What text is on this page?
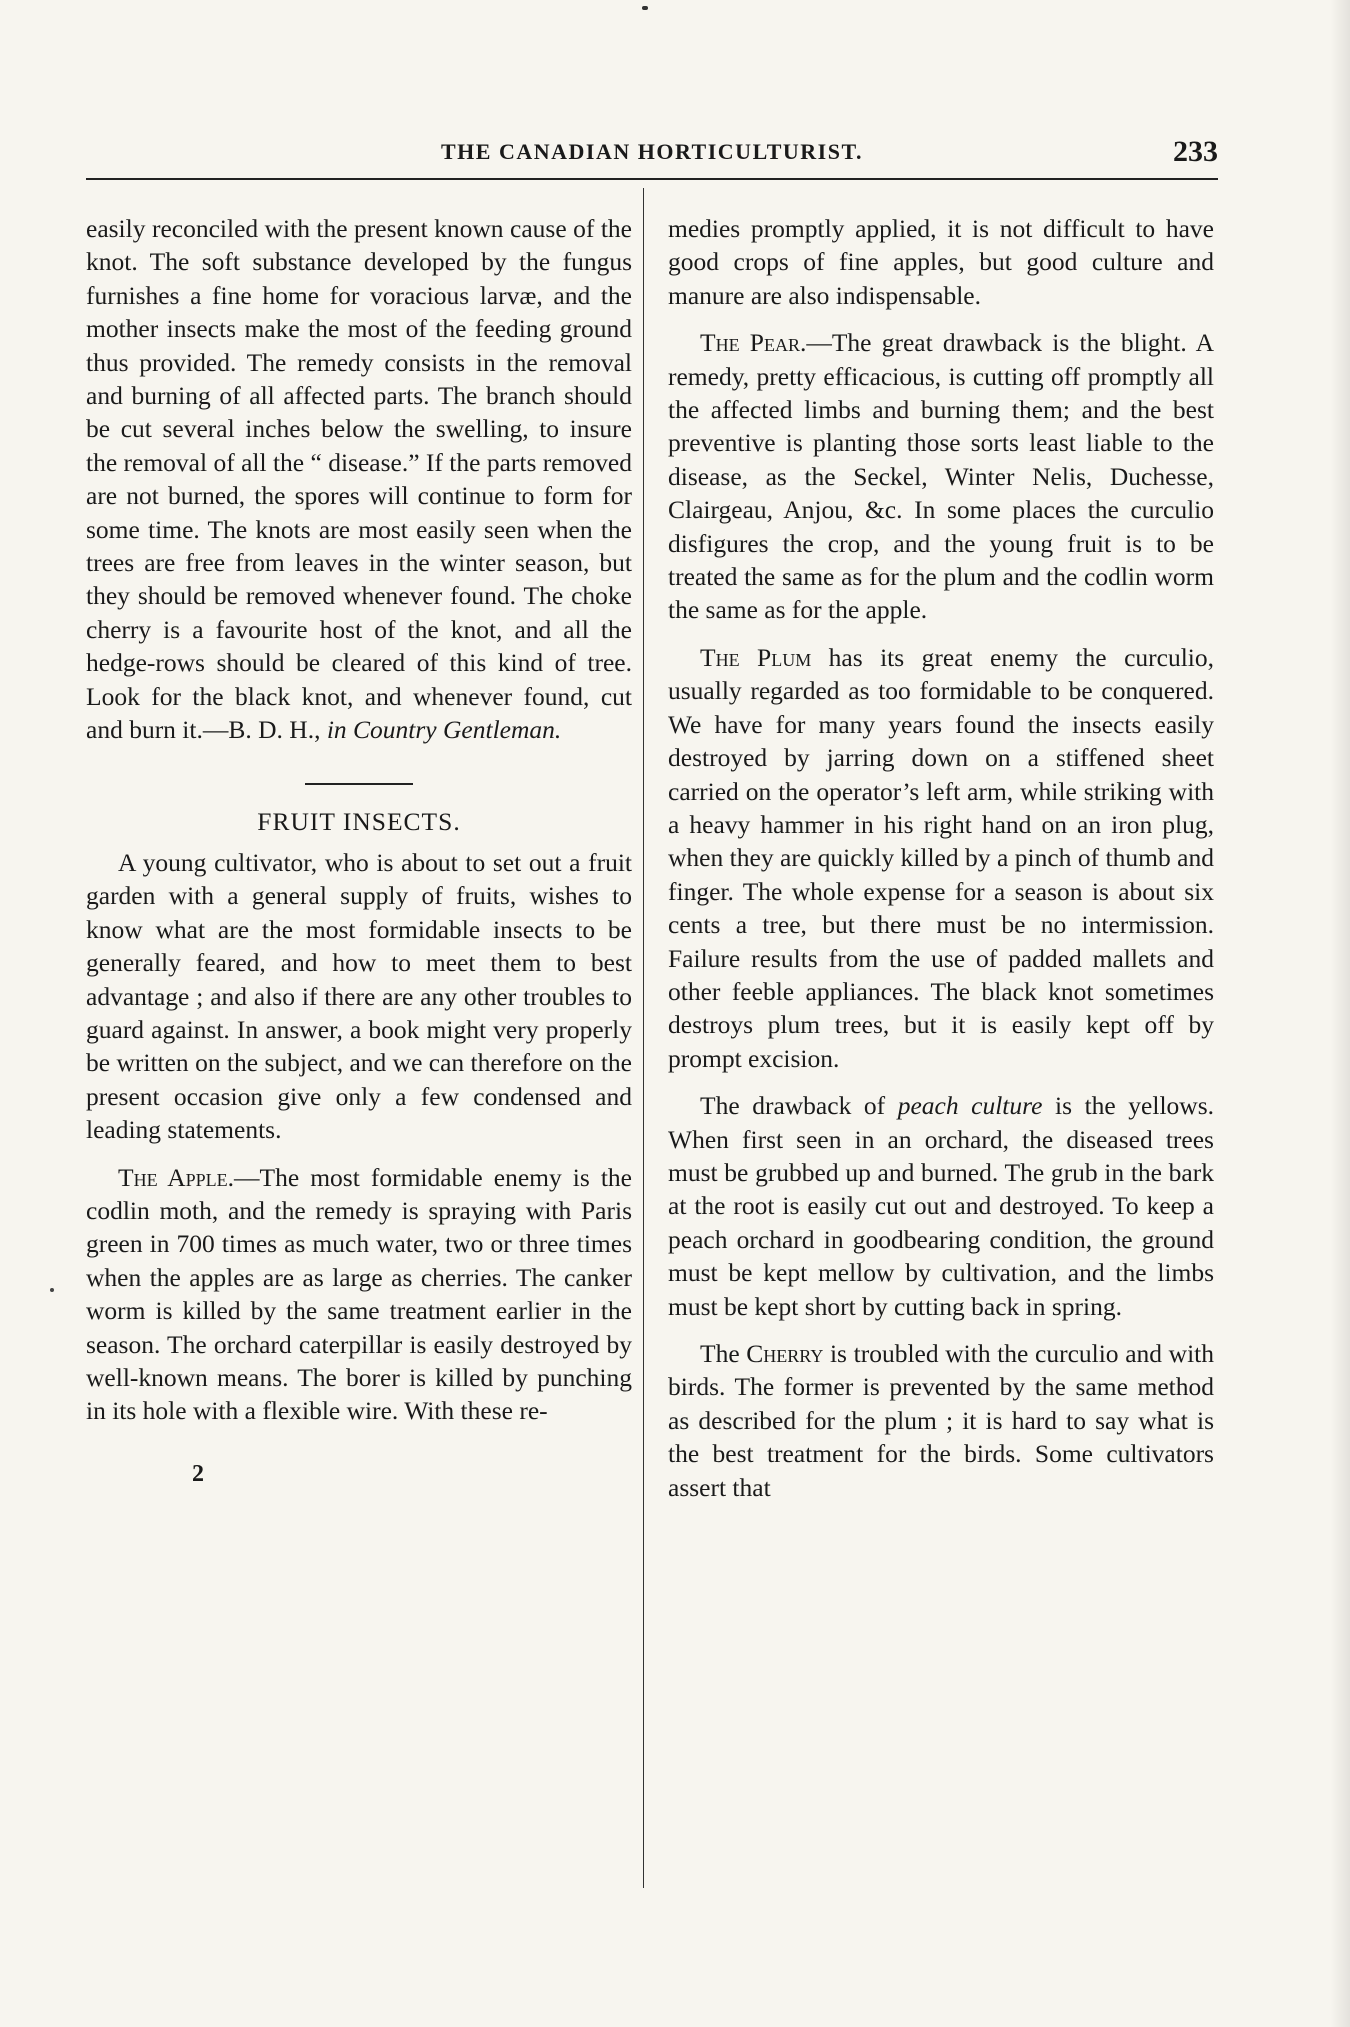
THE CANADIAN HORTICULTURIST.	233

easily reconciled with the present known cause of the knot. The soft substance developed by the fungus furnishes a fine home for voracious larvæ, and the mother insects make the most of the feeding ground thus provided. The remedy consists in the removal and burning of all affected parts. The branch should be cut several inches below the swelling, to insure the removal of all the “ disease.” If the parts removed are not burned, the spores will continue to form for some time. The knots are most easily seen when the trees are free from leaves in the winter season, but they should be removed whenever found. The choke cherry is a favourite host of the knot, and all the hedge-rows should be cleared of this kind of tree. Look for the black knot, and whenever found, cut and burn it.—B. D. H., in Country Gentleman.

FRUIT INSECTS.

A young cultivator, who is about to set out a fruit garden with a general supply of fruits, wishes to know what are the most formidable insects to be generally feared, and how to meet them to best advantage ; and also if there are any other troubles to guard against. In answer, a book might very properly be written on the subject, and we can therefore on the present occasion give only a few condensed and leading statements.

The Apple.—The most formidable enemy is the codlin moth, and the remedy is spraying with Paris green in 700 times as much water, two or three times when the apples are as large as cherries. The canker worm is killed by the same treatment earlier in the season. The orchard caterpillar is easily destroyed by well-known means. The borer is killed by punching in its hole with a flexible wire. With these re-

2

medies promptly applied, it is not difficult to have good crops of fine apples, but good culture and manure are also indispensable.

The Pear.—The great drawback is the blight. A remedy, pretty efficacious, is cutting off promptly all the affected limbs and burning them; and the best preventive is planting those sorts least liable to the disease, as the Seckel, Winter Nelis, Duchesse, Clairgeau, Anjou, &c. In some places the curculio disfigures the crop, and the young fruit is to be treated the same as for the plum and the codlin worm the same as for the apple.

The Plum has its great enemy the curculio, usually regarded as too formidable to be conquered. We have for many years found the insects easily destroyed by jarring down on a stiffened sheet carried on the operator’s left arm, while striking with a heavy hammer in his right hand on an iron plug, when they are quickly killed by a pinch of thumb and finger. The whole expense for a season is about six cents a tree, but there must be no intermission. Failure results from the use of padded mallets and other feeble appliances. The black knot sometimes destroys plum trees, but it is easily kept off by prompt excision.

The drawback of peach culture is the yellows. When first seen in an orchard, the diseased trees must be grubbed up and burned. The grub in the bark at the root is easily cut out and destroyed. To keep a peach orchard in goodbearing condition, the ground must be kept mellow by cultivation, and the limbs must be kept short by cutting back in spring.

The Cherry is troubled with the curculio and with birds. The former is prevented by the same method as described for the plum ; it is hard to say what is the best treatment for the birds. Some cultivators assert that
